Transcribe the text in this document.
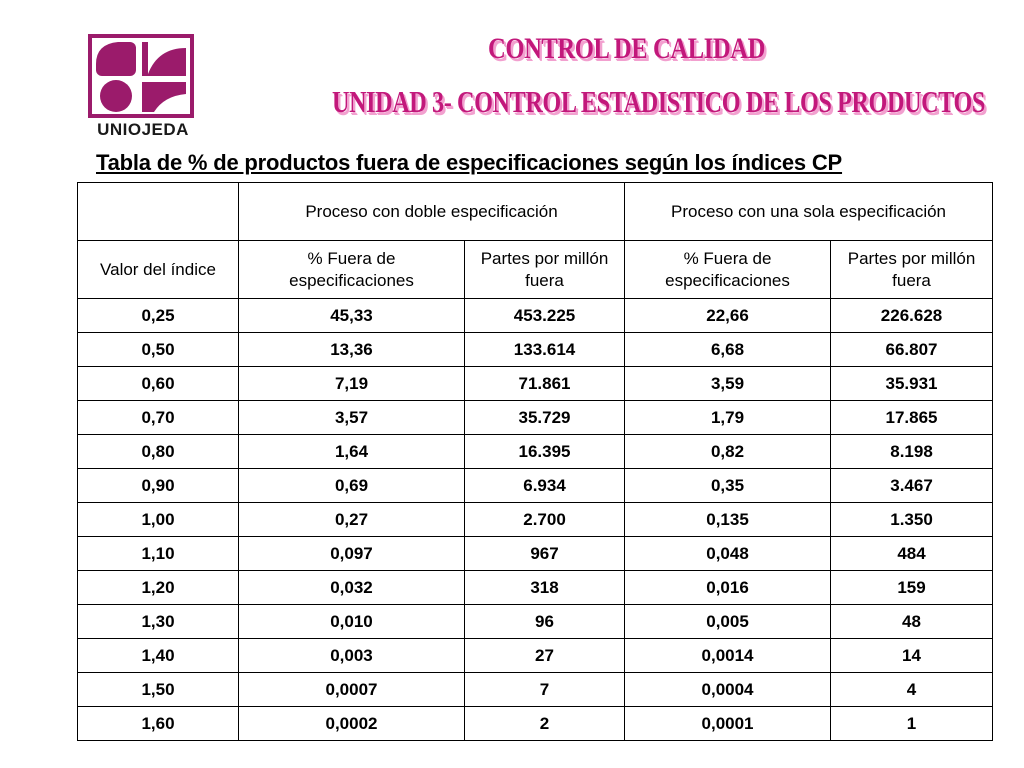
UNIOJEDA
CONTROL DE CALIDAD
UNIDAD 3- CONTROL ESTADISTICO DE LOS PRODUCTOS
Tabla de % de productos fuera de especificaciones según los índices CP
	Proceso con doble especificación		Proceso con una sola especificación	
Valor del índice	% Fuera de especificaciones	Partes por millón fuera	% Fuera de especificaciones	Partes por millón fuera
0,25	45,33	453.225	22,66	226.628
0,50	13,36	133.614	6,68	66.807
0,60	7,19	71.861	3,59	35.931
0,70	3,57	35.729	1,79	17.865
0,80	1,64	16.395	0,82	8.198
0,90	0,69	6.934	0,35	3.467
1,00	0,27	2.700	0,135	1.350
1,10	0,097	967	0,048	484
1,20	0,032	318	0,016	159
1,30	0,010	96	0,005	48
1,40	0,003	27	0,0014	14
1,50	0,0007	7	0,0004	4
1,60	0,0002	2	0,0001	1
